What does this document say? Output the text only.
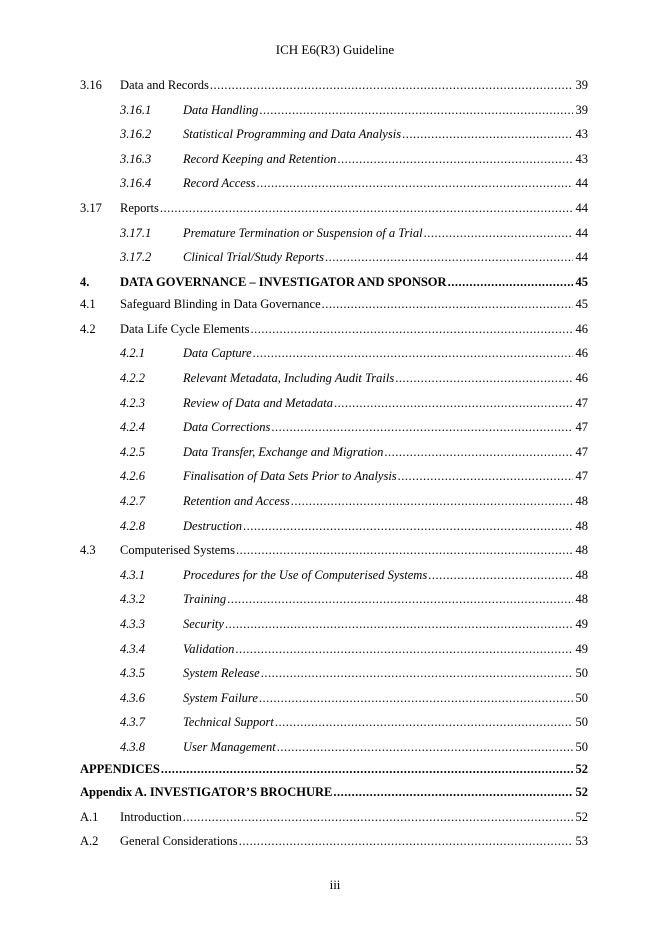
ICH E6(R3) Guideline
3.16	Data and Records .....	39
3.16.1	Data Handling .....	39
3.16.2	Statistical Programming and Data Analysis .....	43
3.16.3	Record Keeping and Retention .....	43
3.16.4	Record Access .....	44
3.17	Reports .....	44
3.17.1	Premature Termination or Suspension of a Trial .....	44
3.17.2	Clinical Trial/Study Reports .....	44
4.	DATA GOVERNANCE – INVESTIGATOR AND SPONSOR .....	45
4.1	Safeguard Blinding in Data Governance .....	45
4.2	Data Life Cycle Elements .....	46
4.2.1	Data Capture .....	46
4.2.2	Relevant Metadata, Including Audit Trails .....	46
4.2.3	Review of Data and Metadata .....	47
4.2.4	Data Corrections .....	47
4.2.5	Data Transfer, Exchange and Migration .....	47
4.2.6	Finalisation of Data Sets Prior to Analysis .....	47
4.2.7	Retention and Access .....	48
4.2.8	Destruction .....	48
4.3	Computerised Systems .....	48
4.3.1	Procedures for the Use of Computerised Systems .....	48
4.3.2	Training .....	48
4.3.3	Security .....	49
4.3.4	Validation .....	49
4.3.5	System Release .....	50
4.3.6	System Failure .....	50
4.3.7	Technical Support .....	50
4.3.8	User Management .....	50
APPENDICES .....	52
Appendix A. INVESTIGATOR’S BROCHURE .....	52
A.1	Introduction .....	52
A.2	General Considerations .....	53
iii
